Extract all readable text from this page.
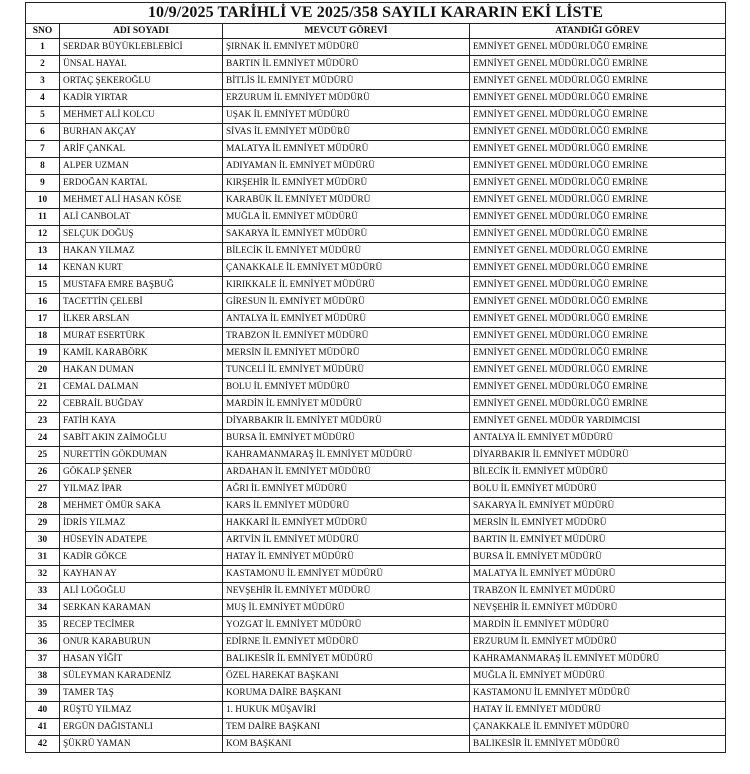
10/9/2025 TARİHLİ VE 2025/358 SAYILI KARARIN EKİ LİSTE			
SNO	ADI SOYADI	MEVCUT GÖREVİ	ATANDIĞI GÖREV
1	SERDAR BÜYÜKLEBLEBİCİ	ŞIRNAK İL EMNİYET MÜDÜRÜ	EMNİYET GENEL MÜDÜRLÜĞÜ EMRİNE
2	ÜNSAL HAYAL	BARTIN İL EMNİYET MÜDÜRÜ	EMNİYET GENEL MÜDÜRLÜĞÜ EMRİNE
3	ORTAÇ ŞEKEROĞLU	BİTLİS İL EMNİYET MÜDÜRÜ	EMNİYET GENEL MÜDÜRLÜĞÜ EMRİNE
4	KADİR YIRTAR	ERZURUM İL EMNİYET MÜDÜRÜ	EMNİYET GENEL MÜDÜRLÜĞÜ EMRİNE
5	MEHMET ALİ KOLCU	UŞAK İL EMNİYET MÜDÜRÜ	EMNİYET GENEL MÜDÜRLÜĞÜ EMRİNE
6	BURHAN AKÇAY	SİVAS İL EMNİYET MÜDÜRÜ	EMNİYET GENEL MÜDÜRLÜĞÜ EMRİNE
7	ARİF ÇANKAL	MALATYA İL EMNİYET MÜDÜRÜ	EMNİYET GENEL MÜDÜRLÜĞÜ EMRİNE
8	ALPER UZMAN	ADIYAMAN İL EMNİYET MÜDÜRÜ	EMNİYET GENEL MÜDÜRLÜĞÜ EMRİNE
9	ERDOĞAN KARTAL	KIRŞEHİR İL EMNİYET MÜDÜRÜ	EMNİYET GENEL MÜDÜRLÜĞÜ EMRİNE
10	MEHMET ALİ HASAN KÖSE	KARABÜK İL EMNİYET MÜDÜRÜ	EMNİYET GENEL MÜDÜRLÜĞÜ EMRİNE
11	ALİ CANBOLAT	MUĞLA İL EMNİYET MÜDÜRÜ	EMNİYET GENEL MÜDÜRLÜĞÜ EMRİNE
12	SELÇUK DOĞUŞ	SAKARYA İL EMNİYET MÜDÜRÜ	EMNİYET GENEL MÜDÜRLÜĞÜ EMRİNE
13	HAKAN YILMAZ	BİLECİK İL EMNİYET MÜDÜRÜ	EMNİYET GENEL MÜDÜRLÜĞÜ EMRİNE
14	KENAN KURT	ÇANAKKALE İL EMNİYET MÜDÜRÜ	EMNİYET GENEL MÜDÜRLÜĞÜ EMRİNE
15	MUSTAFA EMRE BAŞBUĞ	KIRIKKALE İL EMNİYET MÜDÜRÜ	EMNİYET GENEL MÜDÜRLÜĞÜ EMRİNE
16	TACETTİN ÇELEBİ	GİRESUN İL EMNİYET MÜDÜRÜ	EMNİYET GENEL MÜDÜRLÜĞÜ EMRİNE
17	İLKER ARSLAN	ANTALYA İL EMNİYET MÜDÜRÜ	EMNİYET GENEL MÜDÜRLÜĞÜ EMRİNE
18	MURAT ESERTÜRK	TRABZON İL EMNİYET MÜDÜRÜ	EMNİYET GENEL MÜDÜRLÜĞÜ EMRİNE
19	KAMİL KARABÖRK	MERSİN İL EMNİYET MÜDÜRÜ	EMNİYET GENEL MÜDÜRLÜĞÜ EMRİNE
20	HAKAN DUMAN	TUNCELİ İL EMNİYET MÜDÜRÜ	EMNİYET GENEL MÜDÜRLÜĞÜ EMRİNE
21	CEMAL DALMAN	BOLU İL EMNİYET MÜDÜRÜ	EMNİYET GENEL MÜDÜRLÜĞÜ EMRİNE
22	CEBRAİL BUĞDAY	MARDİN İL EMNİYET MÜDÜRÜ	EMNİYET GENEL MÜDÜRLÜĞÜ EMRİNE
23	FATİH KAYA	DİYARBAKIR İL EMNİYET MÜDÜRÜ	EMNİYET GENEL MÜDÜR YARDIMCISI
24	SABİT AKIN ZAİMOĞLU	BURSA İL EMNİYET MÜDÜRÜ	ANTALYA İL EMNİYET MÜDÜRÜ
25	NURETTİN GÖKDUMAN	KAHRAMANMARAŞ İL EMNİYET MÜDÜRÜ	DİYARBAKIR İL EMNİYET MÜDÜRÜ
26	GÖKALP ŞENER	ARDAHAN İL EMNİYET MÜDÜRÜ	BİLECİK İL EMNİYET MÜDÜRÜ
27	YILMAZ İPAR	AĞRI İL EMNİYET MÜDÜRÜ	BOLU İL EMNİYET MÜDÜRÜ
28	MEHMET ÖMÜR SAKA	KARS İL EMNİYET MÜDÜRÜ	SAKARYA İL EMNİYET MÜDÜRÜ
29	İDRİS YILMAZ	HAKKARİ İL EMNİYET MÜDÜRÜ	MERSİN İL EMNİYET MÜDÜRÜ
30	HÜSEYİN ADATEPE	ARTVİN İL EMNİYET MÜDÜRÜ	BARTIN İL EMNİYET MÜDÜRÜ
31	KADİR GÖKCE	HATAY İL EMNİYET MÜDÜRÜ	BURSA İL EMNİYET MÜDÜRÜ
32	KAYHAN AY	KASTAMONU İL EMNİYET MÜDÜRÜ	MALATYA İL EMNİYET MÜDÜRÜ
33	ALİ LOĞOĞLU	NEVŞEHİR İL EMNİYET MÜDÜRÜ	TRABZON İL EMNİYET MÜDÜRÜ
34	SERKAN KARAMAN	MUŞ İL EMNİYET MÜDÜRÜ	NEVŞEHİR İL EMNİYET MÜDÜRÜ
35	RECEP TECİMER	YOZGAT İL EMNİYET MÜDÜRÜ	MARDİN İL EMNİYET MÜDÜRÜ
36	ONUR KARABURUN	EDİRNE İL EMNİYET MÜDÜRÜ	ERZURUM İL EMNİYET MÜDÜRÜ
37	HASAN YİĞİT	BALIKESİR İL EMNİYET MÜDÜRÜ	KAHRAMANMARAŞ İL EMNİYET MÜDÜRÜ
38	SÜLEYMAN KARADENİZ	ÖZEL HAREKAT BAŞKANI	MUĞLA İL EMNİYET MÜDÜRÜ
39	TAMER TAŞ	KORUMA DAİRE BAŞKANI	KASTAMONU İL EMNİYET MÜDÜRÜ
40	RÜŞTÜ YILMAZ	1. HUKUK MÜŞAVİRİ	HATAY İL EMNİYET MÜDÜRÜ
41	ERGÜN DAĞISTANLI	TEM DAİRE BAŞKANI	ÇANAKKALE İL EMNİYET MÜDÜRÜ
42	ŞÜKRÜ YAMAN	KOM BAŞKANI	BALIKESİR İL EMNİYET MÜDÜRÜ
